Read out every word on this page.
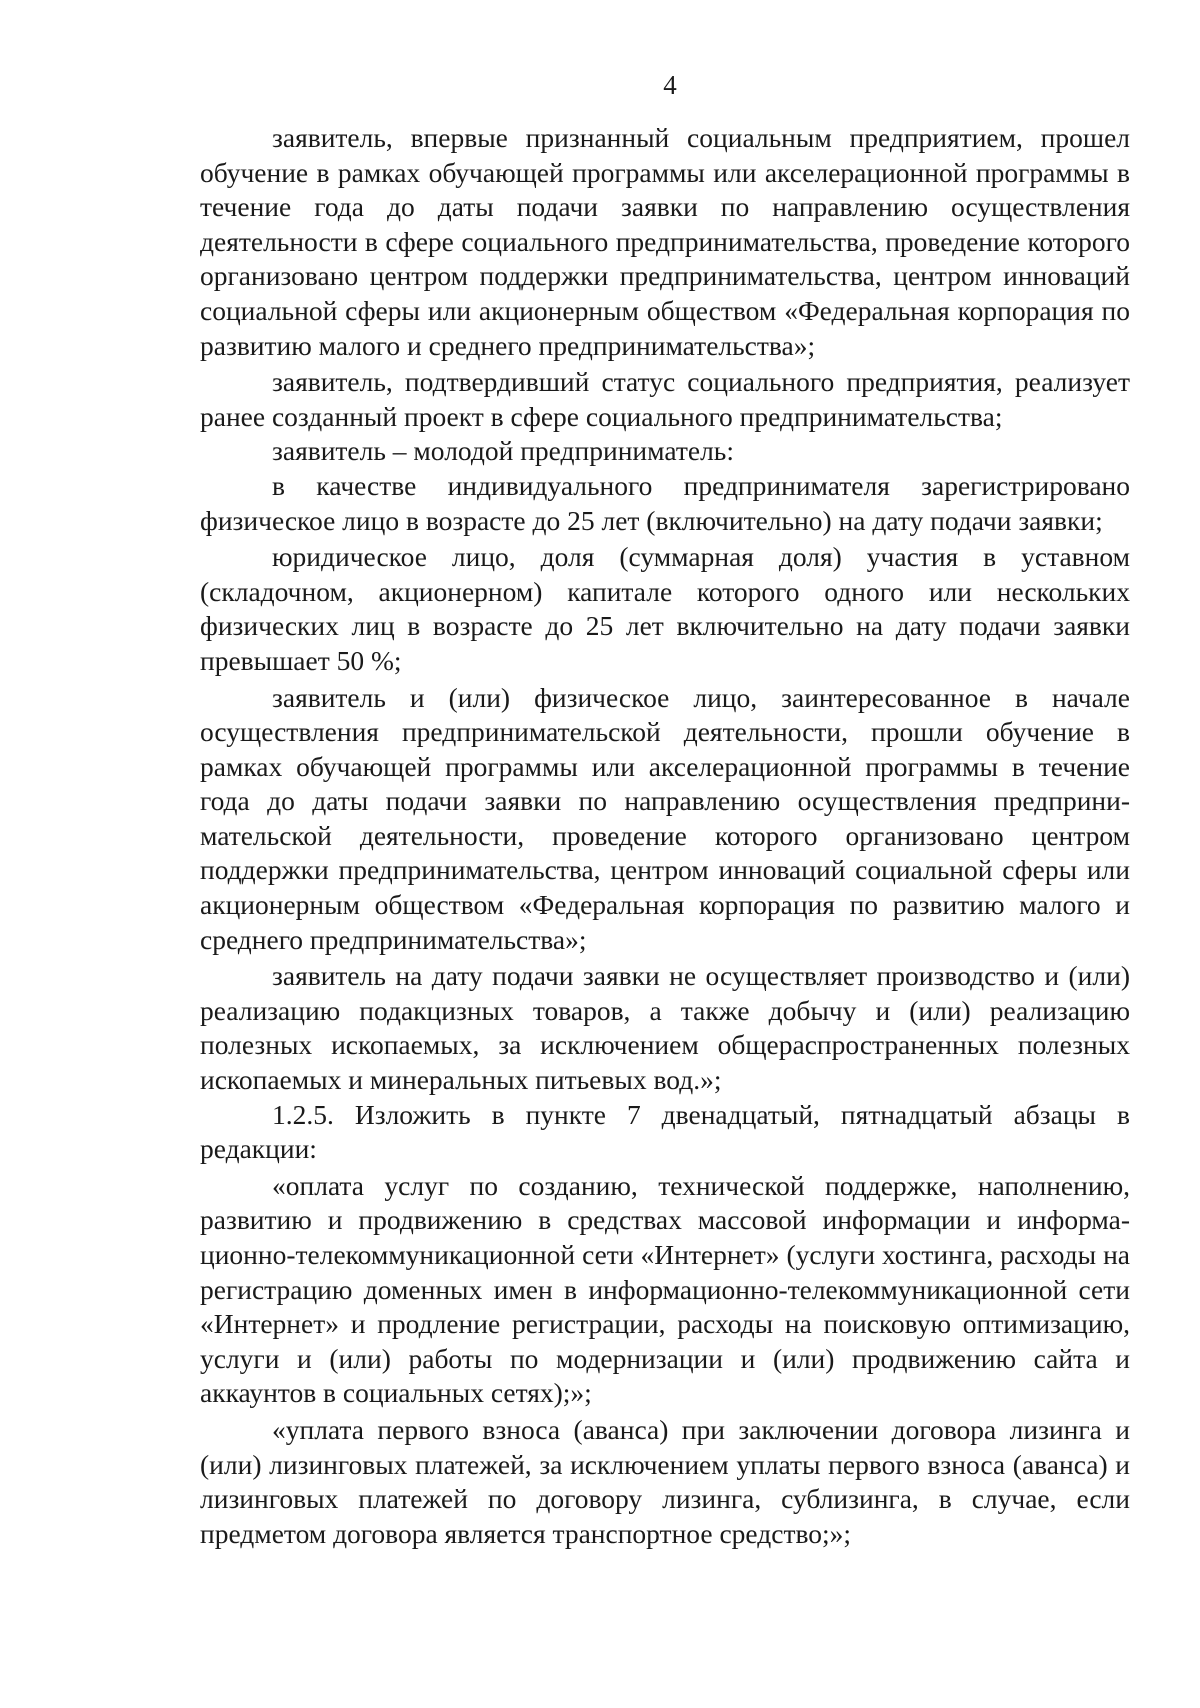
4

заявитель, впервые признанный социальным предприятием, прошел обучение в рамках обучающей программы или акселерационной программы в течение года до даты подачи заявки по направлению осуществления деятельности в сфере социального предпринимательства, проведение которого организовано центром поддержки предпринимательства, центром инноваций социальной сферы или акционерным обществом «Федеральная корпорация по развитию малого и среднего предпринимательства»;

заявитель, подтвердивший статус социального предприятия, реализует ранее созданный проект в сфере социального предпринимательства;

заявитель – молодой предприниматель:

в качестве индивидуального предпринимателя зарегистрировано физическое лицо в возрасте до 25 лет (включительно) на дату подачи заявки;

юридическое лицо, доля (суммарная доля) участия в уставном (складочном, акционерном) капитале которого одного или нескольких физических лиц в возрасте до 25 лет включительно на дату подачи заявки превышает 50 %;

заявитель и (или) физическое лицо, заинтересованное в начале осуществления предпринимательской деятельности, прошли обучение в рамках обучающей программы или акселерационной программы в течение года до даты подачи заявки по направлению осуществления предприни-мательской деятельности, проведение которого организовано центром поддержки предпринимательства, центром инноваций социальной сферы или акционерным обществом «Федеральная корпорация по развитию малого и среднего предпринимательства»;

заявитель на дату подачи заявки не осуществляет производство и (или) реализацию подакцизных товаров, а также добычу и (или) реализацию полезных ископаемых, за исключением общераспространенных полезных ископаемых и минеральных питьевых вод.»;

1.2.5. Изложить в пункте 7 двенадцатый, пятнадцатый абзацы в редакции:

«оплата услуг по созданию, технической поддержке, наполнению, развитию и продвижению в средствах массовой информации и информа-ционно-телекоммуникационной сети «Интернет» (услуги хостинга, расходы на регистрацию доменных имен в информационно-телекоммуникационной сети «Интернет» и продление регистрации, расходы на поисковую оптимизацию, услуги и (или) работы по модернизации и (или) продвижению сайта и аккаунтов в социальных сетях);»;

«уплата первого взноса (аванса) при заключении договора лизинга и (или) лизинговых платежей, за исключением уплаты первого взноса (аванса) и лизинговых платежей по договору лизинга, сублизинга, в случае, если предметом договора является транспортное средство;»;
